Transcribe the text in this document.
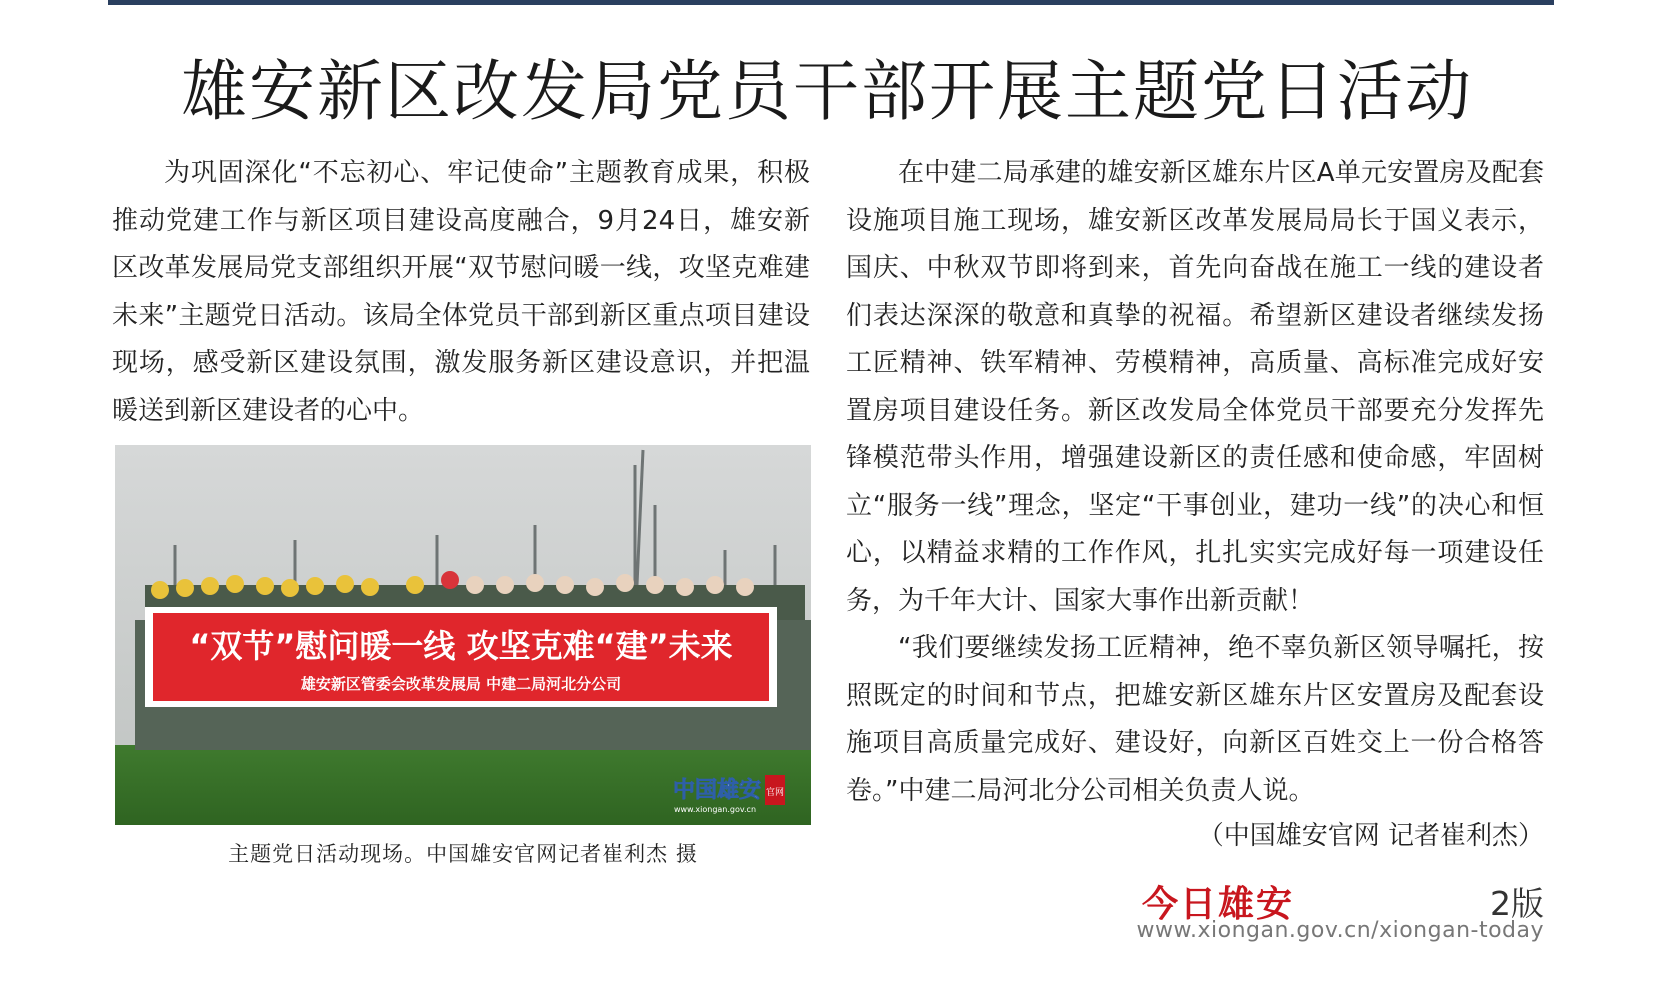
雄安新区改发局党员干部开展主题党日活动

为巩固深化“不忘初心、牢记使命”主题教育成果，积极推动党建工作与新区项目建设高度融合，9月24日，雄安新区改革发展局党支部组织开展“双节慰问暖一线，攻坚克难建未来”主题党日活动。该局全体党员干部到新区重点项目建设现场，感受新区建设氛围，激发服务新区建设意识，并把温暖送到新区建设者的心中。

“双节”慰问暖一线 攻坚克难“建”未来
雄安新区管委会改革发展局 中建二局河北分公司
中国雄安 官网
www.xiongan.gov.cn
主题党日活动现场。中国雄安官网记者崔利杰 摄

在中建二局承建的雄安新区雄东片区A单元安置房及配套设施项目施工现场，雄安新区改革发展局局长于国义表示，国庆、中秋双节即将到来，首先向奋战在施工一线的建设者们表达深深的敬意和真挚的祝福。希望新区建设者继续发扬工匠精神、铁军精神、劳模精神，高质量、高标准完成好安置房项目建设任务。新区改发局全体党员干部要充分发挥先锋模范带头作用，增强建设新区的责任感和使命感，牢固树立“服务一线”理念，坚定“干事创业，建功一线”的决心和恒心，以精益求精的工作作风，扎扎实实完成好每一项建设任务，为千年大计、国家大事作出新贡献！

“我们要继续发扬工匠精神，绝不辜负新区领导嘱托，按照既定的时间和节点，把雄安新区雄东片区安置房及配套设施项目高质量完成好、建设好，向新区百姓交上一份合格答卷。”中建二局河北分公司相关负责人说。

（中国雄安官网 记者崔利杰）
今日雄安	2版
www.xiongan.gov.cn/xiongan-today
